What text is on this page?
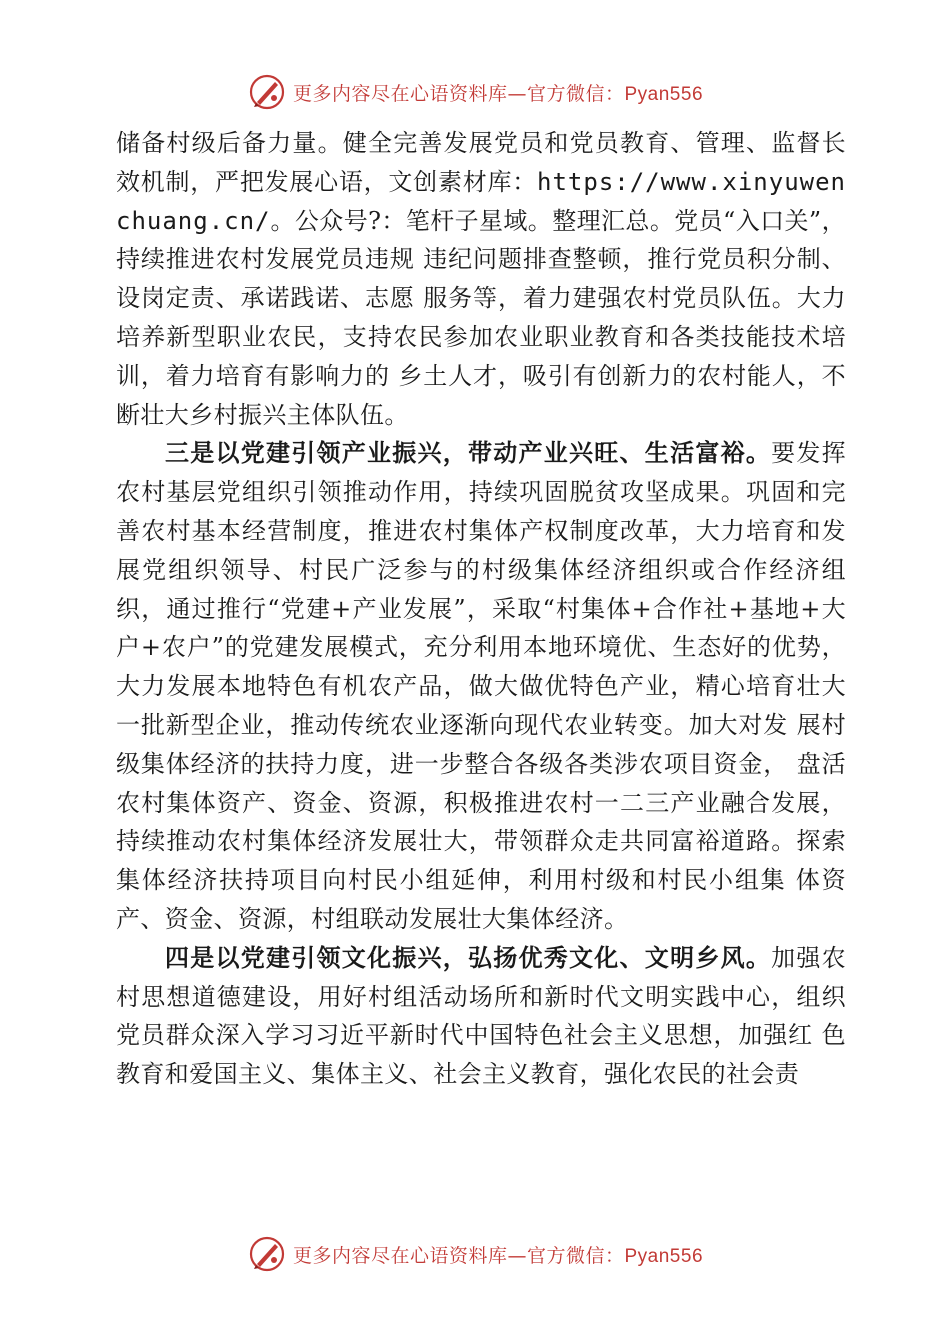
更多内容尽在心语资料库—官方微信：Pyan556

储备村级后备力量。健全完善发展党员和党员教育、管理、监督长效机制，严把发展心语，文创素材库：https://www.xinyuwenchuang.cn/。公众号?：笔杆子星域。整理汇总。党员“入口关”，持续推进农村发展党员违规 违纪问题排查整顿，推行党员积分制、设岗定责、承诺践诺、志愿 服务等，着力建强农村党员队伍。大力培养新型职业农民，支持农民参加农业职业教育和各类技能技术培训，着力培育有影响力的 乡土人才，吸引有创新力的农村能人，不断壮大乡村振兴主体队伍。

三是以党建引领产业振兴，带动产业兴旺、生活富裕。要发挥农村基层党组织引领推动作用，持续巩固脱贫攻坚成果。巩固和完善农村基本经营制度，推进农村集体产权制度改革，大力培育和发 展党组织领导、村民广泛参与的村级集体经济组织或合作经济组织，通过推行“党建+产业发展”，采取“村集体+合作社+基地+大户+农户”的党建发展模式，充分利用本地环境优、生态好的优势， 大力发展本地特色有机农产品，做大做优特色产业，精心培育壮大一批新型企业，推动传统农业逐渐向现代农业转变。加大对发 展村级集体经济的扶持力度，进一步整合各级各类涉农项目资金， 盘活农村集体资产、资金、资源，积极推进农村一二三产业融合发展，持续推动农村集体经济发展壮大，带领群众走共同富裕道路。探索集体经济扶持项目向村民小组延伸，利用村级和村民小组集 体资产、资金、资源，村组联动发展壮大集体经济。

四是以党建引领文化振兴，弘扬优秀文化、文明乡风。加强农村思想道德建设，用好村组活动场所和新时代文明实践中心，组织党员群众深入学习习近平新时代中国特色社会主义思想，加强红 色教育和爱国主义、集体主义、社会主义教育，强化农民的社会责

更多内容尽在心语资料库—官方微信：Pyan556
